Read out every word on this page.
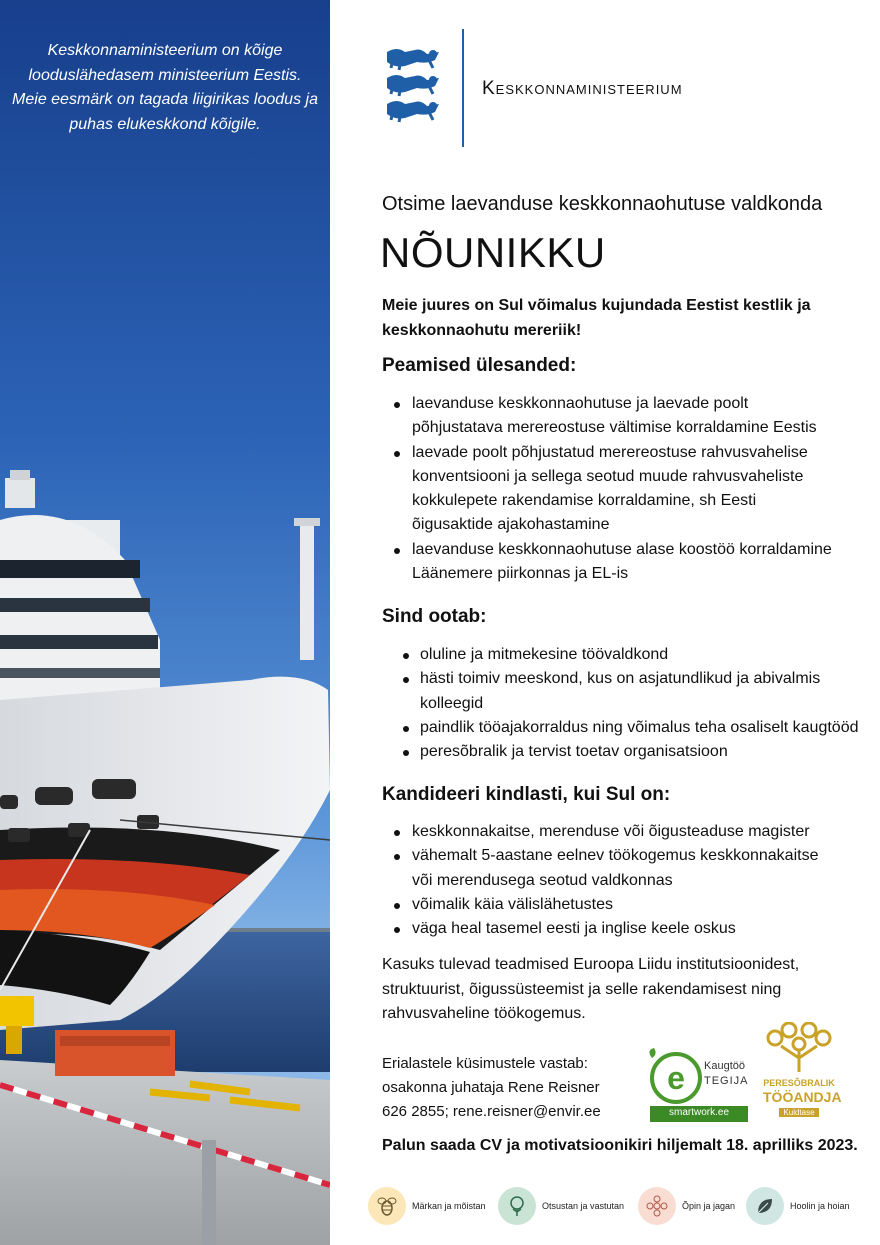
Keskkonnaministeerium on kõige
looduslähedasem ministeerium Eestis.
Meie eesmärk on tagada liigirikas loodus ja
puhas elukeskkond kõigile.
Keskkonnaministeerium
Otsime laevanduse keskkonnaohutuse valdkonda
NÕUNIKKU
Meie juures on Sul võimalus kujundada Eestist kestlik ja
keskkonnaohutu mereriik!
Peamised ülesanded:
laevanduse keskkonnaohutuse ja laevade poolt põhjustatava merereostuse vältimise korraldamine Eestis
laevade poolt põhjustatud merereostuse rahvusvahelise konventsiooni ja sellega seotud muude rahvusvaheliste kokkulepete rakendamise korraldamine, sh Eesti õigusaktide ajakohastamine
laevanduse keskkonnaohutuse alase koostöö korraldamine Läänemere piirkonnas ja EL-is
Sind ootab:
oluline ja mitmekesine töövaldkond
hästi toimiv meeskond, kus on asjatundlikud ja abivalmis kolleegid
paindlik tööajakorraldus ning võimalus teha osaliselt kaugtööd
peresõbralik ja tervist toetav organisatsioon
Kandideeri kindlasti, kui Sul on:
keskkonnakaitse, merenduse või õigusteaduse magister
vähemalt 5-aastane eelnev töökogemus keskkonnakaitse või merendusega seotud valdkonnas
võimalik käia välislähetustes
väga heal tasemel eesti ja inglise keele oskus
Kasuks tulevad teadmised Euroopa Liidu institutsioonidest,
struktuurist, õigussüsteemist ja selle rakendamisest ning
rahvusvaheline töökogemus.
Erialastele küsimustele vastab:
osakonna juhataja Rene Reisner
626 2855; rene.reisner@envir.ee
e Kaugtöö
TEGIJA
smartwork.ee
PERESÕBRALIK
TÖÖANDJA
Kuldtase
Palun saada CV ja motivatsioonikiri hiljemalt 18. aprilliks 2023.
Märkan ja mõistan	Otsustan ja vastutan	Õpin ja jagan	Hoolin ja hoian
